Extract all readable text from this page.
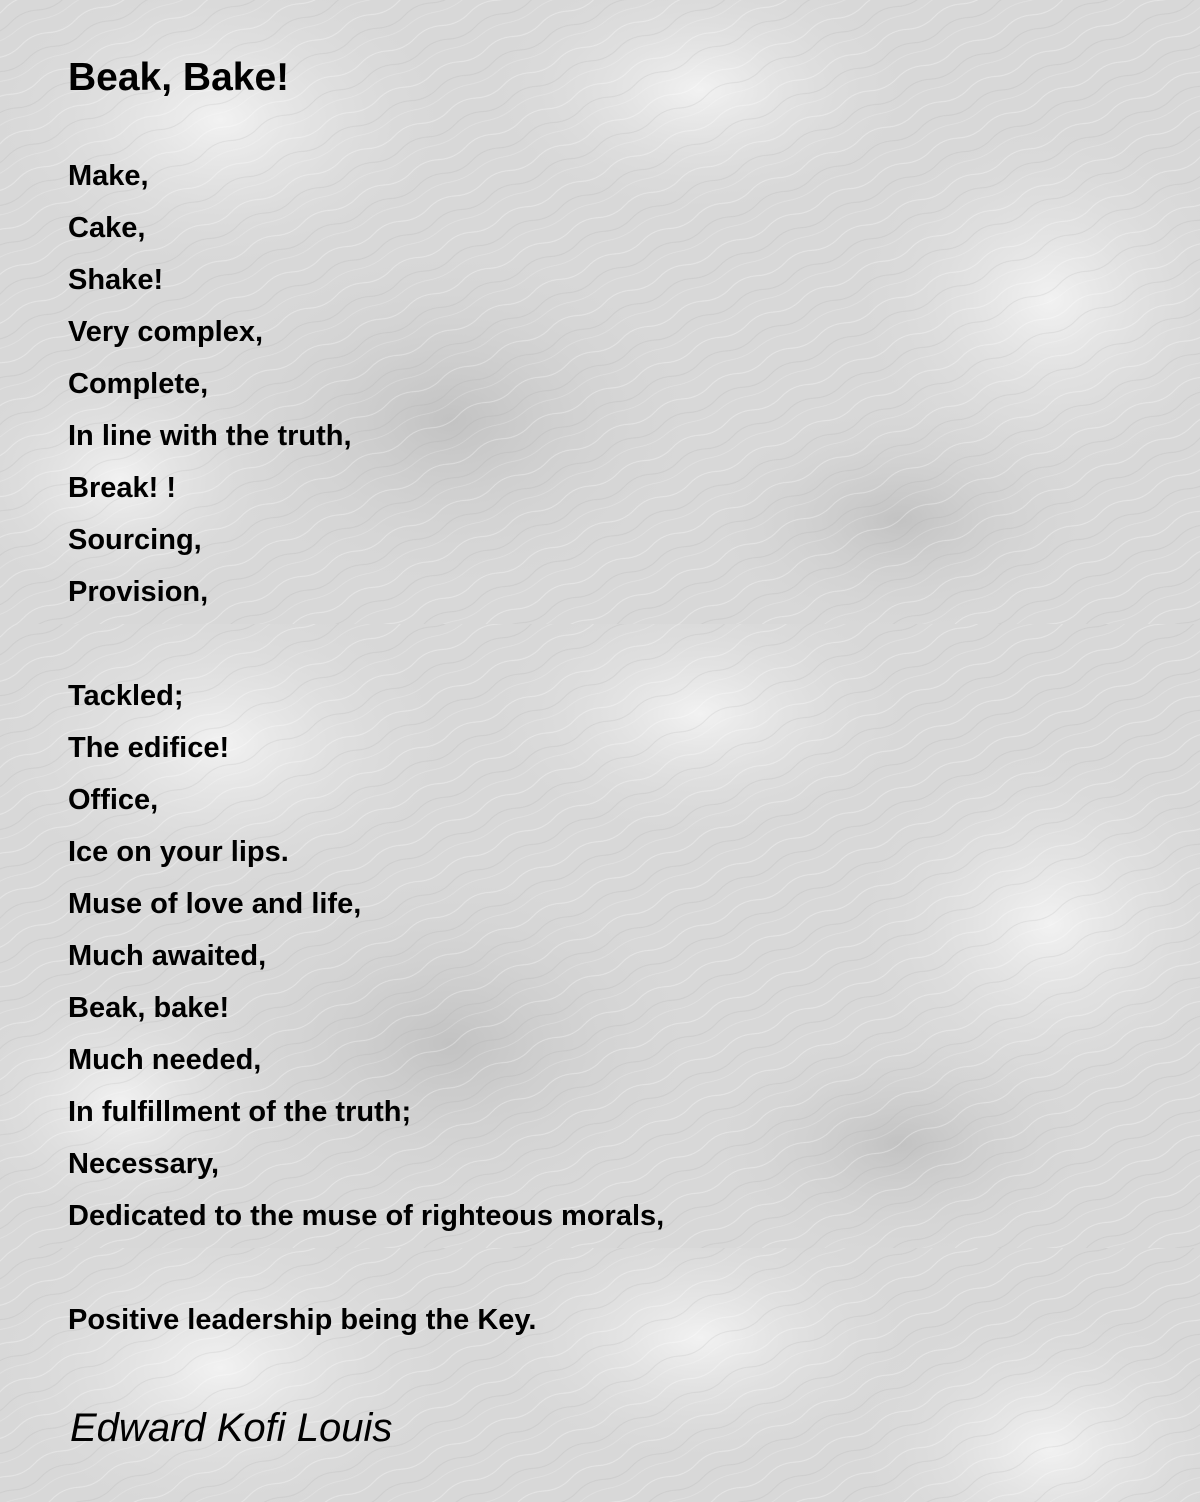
Beak, Bake!
Make,
Cake,
Shake!
Very complex,
Complete,
In line with the truth,
Break! !
Sourcing,
Provision,
Tackled;
The edifice!
Office,
Ice on your lips.
Muse of love and life,
Much awaited,
Beak, bake!
Much needed,
In fulfillment of the truth;
Necessary,
Dedicated to the muse of righteous morals,
Positive leadership being the Key.

Edward Kofi Louis
